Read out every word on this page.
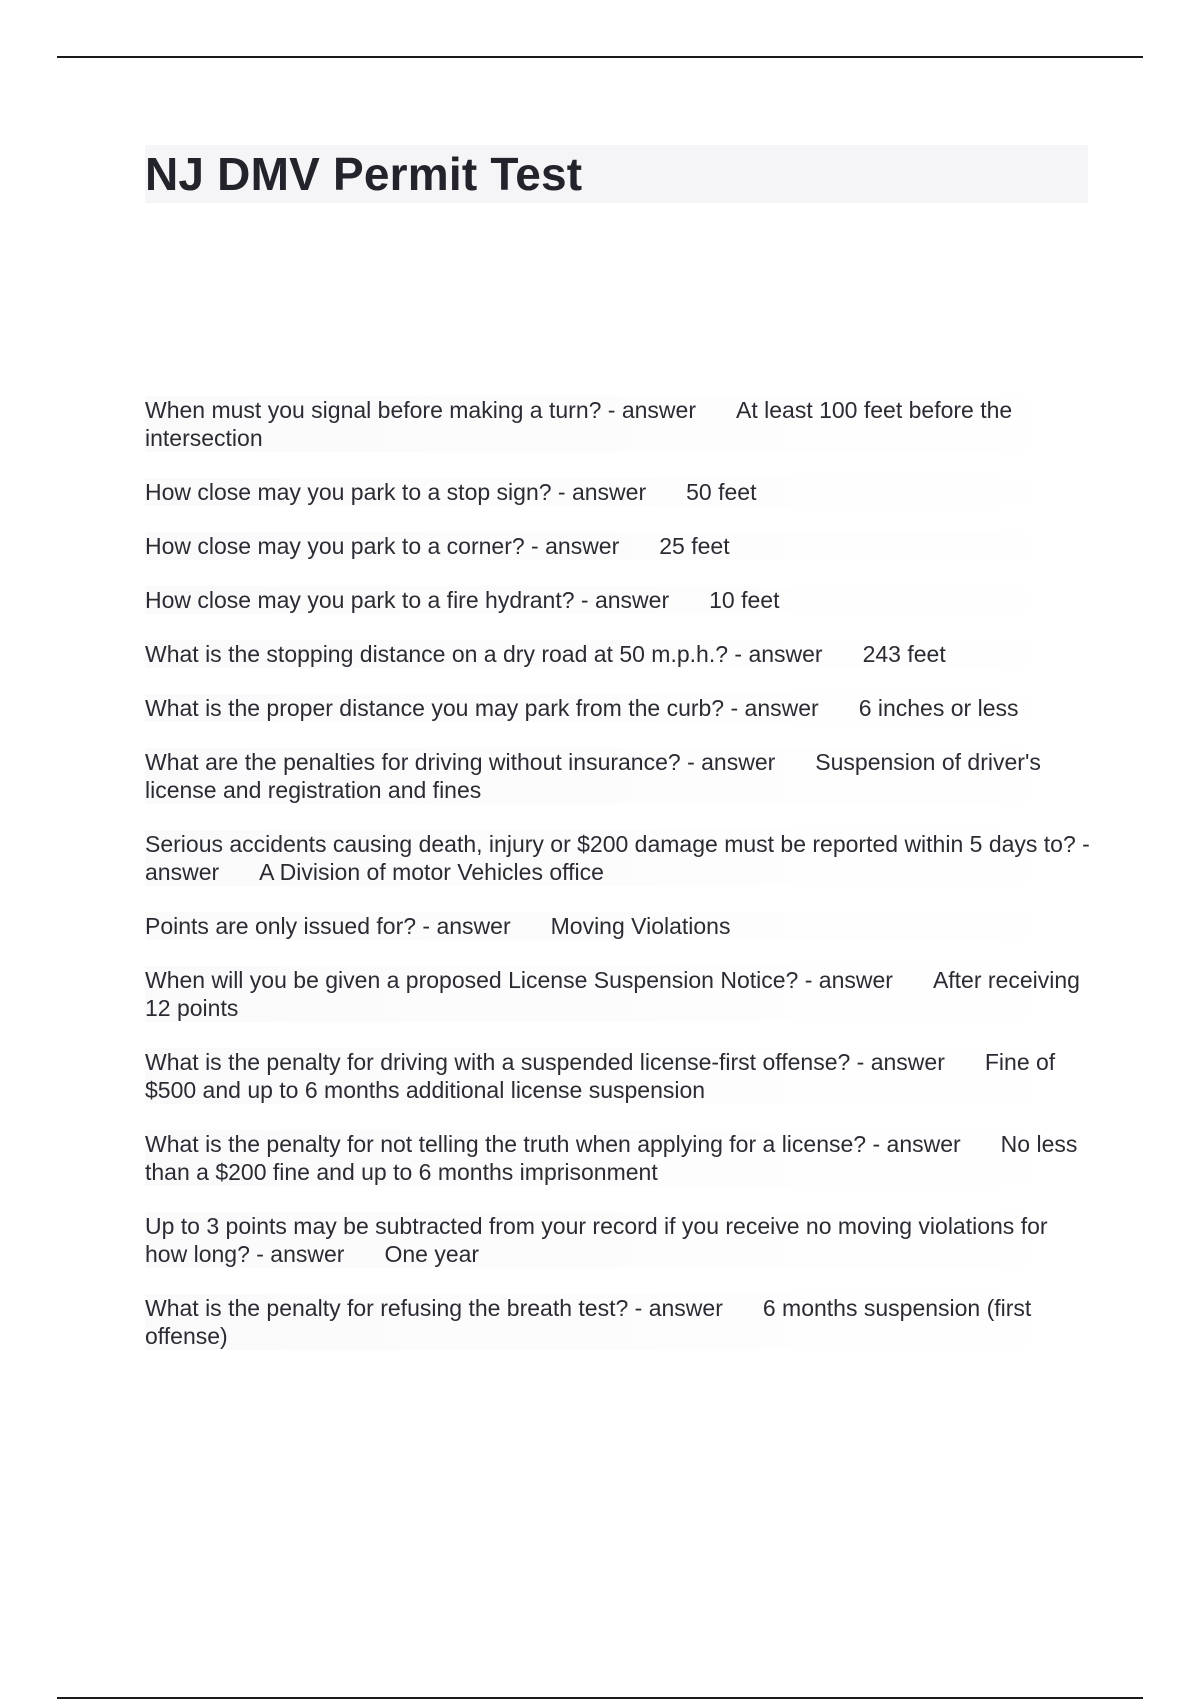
NJ DMV Permit Test

When must you signal before making a turn? - answer At least 100 feet before the intersection

How close may you park to a stop sign? - answer 50 feet

How close may you park to a corner? - answer 25 feet

How close may you park to a fire hydrant? - answer 10 feet

What is the stopping distance on a dry road at 50 m.p.h.? - answer 243 feet

What is the proper distance you may park from the curb? - answer 6 inches or less

What are the penalties for driving without insurance? - answer Suspension of driver's license and registration and fines

Serious accidents causing death, injury or $200 damage must be reported within 5 days to? - answer A Division of motor Vehicles office

Points are only issued for? - answer Moving Violations

When will you be given a proposed License Suspension Notice? - answer After receiving 12 points

What is the penalty for driving with a suspended license-first offense? - answer Fine of $500 and up to 6 months additional license suspension

What is the penalty for not telling the truth when applying for a license? - answer No less than a $200 fine and up to 6 months imprisonment

Up to 3 points may be subtracted from your record if you receive no moving violations for how long? - answer One year

What is the penalty for refusing the breath test? - answer 6 months suspension (first offense)
